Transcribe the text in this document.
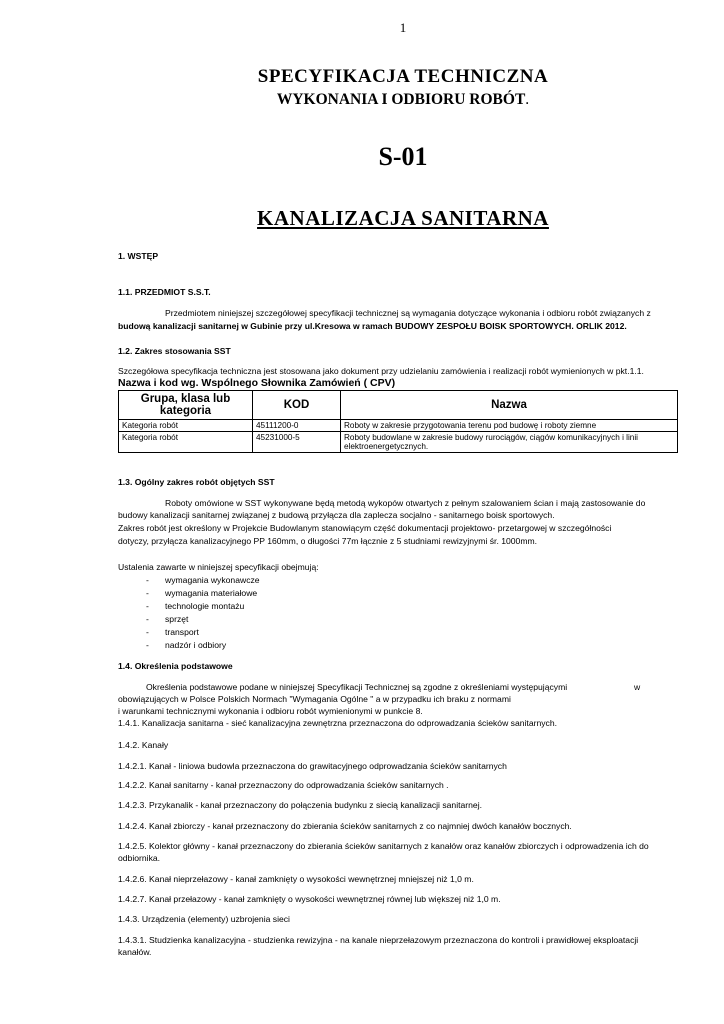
1
SPECYFIKACJA TECHNICZNA
WYKONANIA I ODBIORU ROBÓT.
S-01
KANALIZACJA SANITARNA
1. WSTĘP
1.1. PRZEDMIOT S.S.T.
Przedmiotem niniejszej szczegółowej specyfikacji technicznej są wymagania dotyczące wykonania i odbioru robót związanych z
budową kanalizacji sanitarnej w Gubinie przy ul.Kresowa w ramach BUDOWY ZESPOŁU BOISK SPORTOWYCH. ORLIK 2012.
1.2. Zakres stosowania SST
Szczegółowa specyfikacja techniczna jest stosowana jako dokument przy udzielaniu zamówienia i realizacji robót wymienionych w pkt.1.1.
Nazwa i kod wg. Wspólnego Słownika Zamówień ( CPV)
Grupa, klasa lub kategoria	KOD	Nazwa
Kategoria robót	45111200-0	Roboty w zakresie przygotowania terenu pod budowę i roboty ziemne
Kategoria robót	45231000-5	Roboty budowlane w zakresie budowy rurociągów, ciągów komunikacyjnych i linii elektroenergetycznych.
1.3. Ogólny zakres robót objętych SST
Roboty omówione w SST wykonywane będą metodą wykopów otwartych z pełnym szalowaniem ścian i mają zastosowanie do
budowy kanalizacji sanitarnej związanej z budową przyłącza dla zaplecza socjalno - sanitarnego boisk sportowych.
Zakres robót jest określony w Projekcie Budowlanym stanowiącym część dokumentacji projektowo- przetargowej w szczegółności
dotyczy, przyłącza kanalizacyjnego PP 160mm, o długości 77m łącznie z 5 studniami rewizyjnymi śr. 1000mm.
Ustalenia zawarte w niniejszej specyfikacji obejmują:
- wymagania wykonawcze
- wymagania materiałowe
- technologie montażu
- sprzęt
- transport
- nadzór i odbiory
1.4. Określenia podstawowe
Określenia podstawowe podane w niniejszej Specyfikacji Technicznej są zgodne z określeniami występującymi	w
obowiązujących w Polsce Polskich Normach "Wymagania Ogólne " a w przypadku ich braku z normami
i warunkami technicznymi wykonania i odbioru robót wymienionymi w punkcie 8.
1.4.1. Kanalizacja sanitarna - sieć kanalizacyjna zewnętrzna przeznaczona do odprowadzania ścieków sanitarnych.
1.4.2. Kanały
1.4.2.1. Kanał - liniowa budowla przeznaczona do grawitacyjnego odprowadzania ścieków sanitarnych
1.4.2.2. Kanał sanitarny - kanał przeznaczony do odprowadzania ścieków sanitarnych .
1.4.2.3. Przykanalik - kanał przeznaczony do połączenia budynku z siecią kanalizacji sanitarnej.
1.4.2.4. Kanał zbiorczy - kanał przeznaczony do zbierania ścieków sanitarnych z co najmniej dwóch kanałów bocznych.
1.4.2.5. Kolektor główny - kanał przeznaczony do zbierania ścieków sanitarnych z kanałów oraz kanałów zbiorczych i odprowadzenia ich do
odbiornika.
1.4.2.6. Kanał nieprzełazowy - kanał zamknięty o wysokości wewnętrznej mniejszej niż 1,0 m.
1.4.2.7. Kanał przełazowy - kanał zamknięty o wysokości wewnętrznej równej lub większej niż 1,0 m.
1.4.3. Urządzenia (elementy) uzbrojenia sieci
1.4.3.1. Studzienka kanalizacyjna - studzienka rewizyjna - na kanale nieprzełazowym przeznaczona do kontroli i prawidłowej eksploatacji
kanałów.
